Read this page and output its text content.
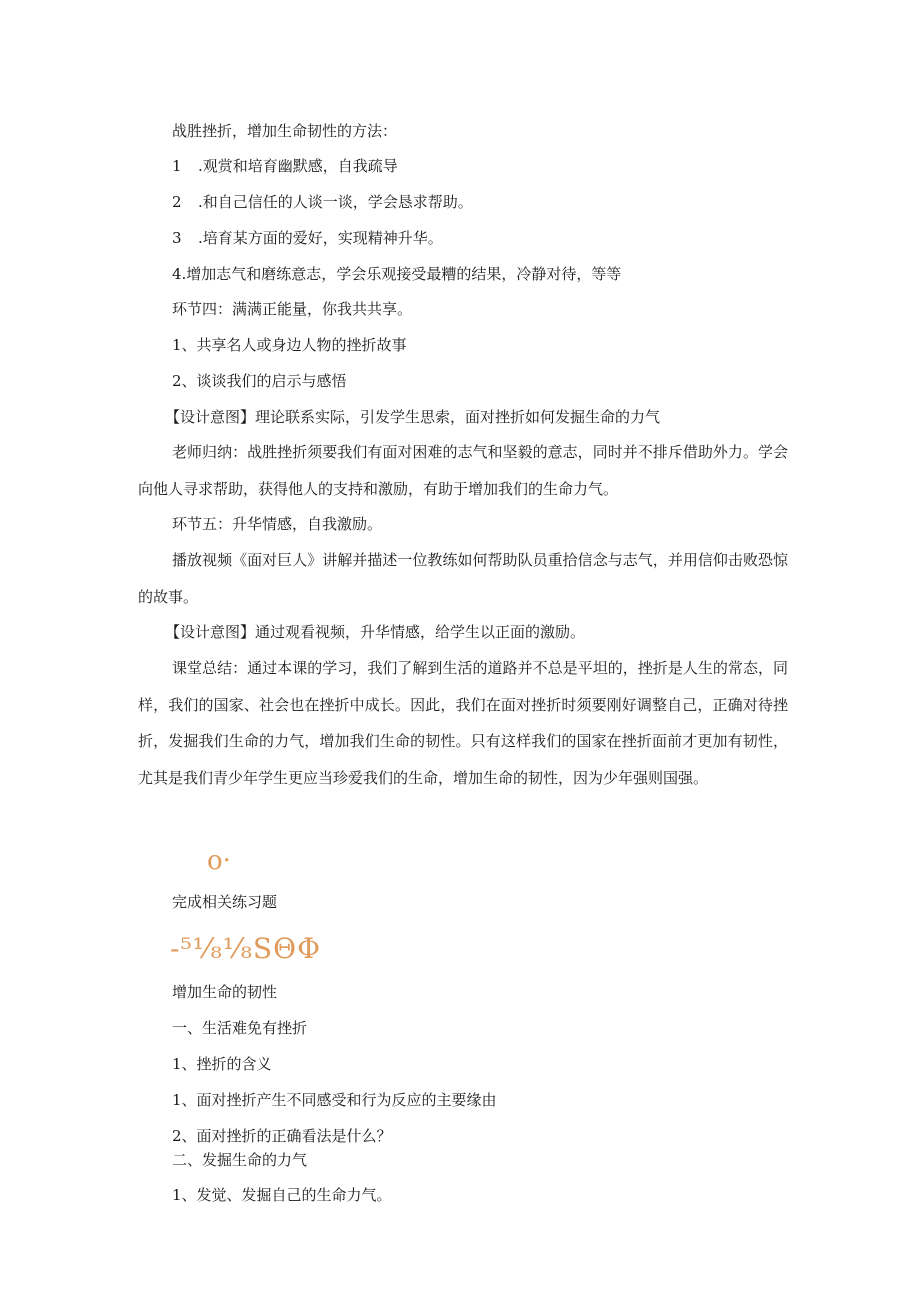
战胜挫折，增加生命韧性的方法：
1 .观赏和培育幽默感，自我疏导
2 .和自己信任的人谈一谈，学会恳求帮助。
3 .培育某方面的爱好，实现精神升华。
4.增加志气和磨练意志，学会乐观接受最糟的结果，冷静对待，等等
环节四：满满正能量，你我共共享。
1、共享名人或身边人物的挫折故事
2、谈谈我们的启示与感悟
【设计意图】理论联系实际，引发学生思索，面对挫折如何发掘生命的力气
老师归纳：战胜挫折须要我们有面对困难的志气和坚毅的意志，同时并不排斥借助外力。学会向他人寻求帮助，获得他人的支持和激励，有助于增加我们的生命力气。
环节五：升华情感，自我激励。
播放视频《面对巨人》讲解并描述一位教练如何帮助队员重拾信念与志气，并用信仰击败恐惊的故事。
【设计意图】通过观看视频，升华情感，给学生以正面的激励。
课堂总结：通过本课的学习，我们了解到生活的道路并不总是平坦的，挫折是人生的常态，同样，我们的国家、社会也在挫折中成长。因此，我们在面对挫折时须要刚好调整自己，正确对待挫折，发掘我们生命的力气，增加我们生命的韧性。只有这样我们的国家在挫折面前才更加有韧性，尤其是我们青少年学生更应当珍爱我们的生命，增加生命的韧性，因为少年强则国强。
o·
完成相关练习题
-⁵¹⁄₈¹⁄₈SΘΦ
增加生命的韧性
一、生活难免有挫折
1、挫折的含义
1、面对挫折产生不同感受和行为反应的主要缘由
2、面对挫折的正确看法是什么？
二、发掘生命的力气
1、发觉、发掘自己的生命力气。
